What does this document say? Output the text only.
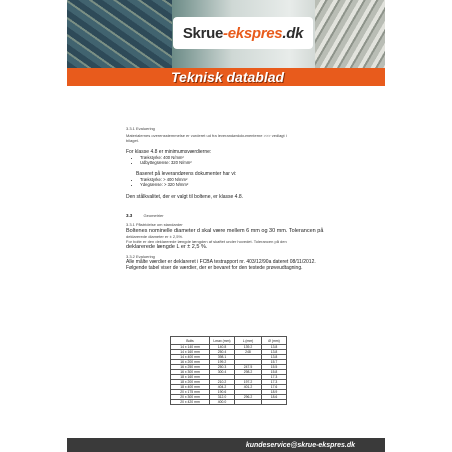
Skrue-ekspres.dk
Teknisk datablad

3.3.1 Evaluering

Materialernes overensstemmelse er vurderet ud fra leverandørdokumenterne >>> vedlagt i

bilaget.

For klasse 4.8 er minimumsværdierne:

• Trækstyrke: 400 N/mm²
• Udbyttegrænse: 320 N/mm²

Baseret på leverandørens dokumenter har vi:

• Trækstyrke: > 400 N/mm²
• Ydegrænse: > 320 N/mm²

Den stålkvalitet, der er valgt til boltene, er klasse 4.8.

3.3	Geometrier

3.3.1 Påstridelse om standarder

Boltenes nominelle diameter d skal være mellem 6 mm og 30 mm. Tolerancen på

deklarerede diameter er ± 2,5%.

For bolte er den deklarerede længde længden af skaftet under hovedet. Tolerancen på den

deklarerede længde L er ± 2,5 %.

3.3.2 Evaluering

Alle målte værdier er deklareret i FCBA testrapport nr. 403/12/90a dateret 08/11/2012.

Følgende tabel viser de værdier, der er bevaret for den testede prøveudtagning.

Bolts	Lmax (mm)	L (mm)	Ø (mm)
14 x 140 mm	140.8	139.2	13.8
14 x 160 mm	250.4	248	13.8
14 x 400 mm	398.1		13.8
16 x 200 mm	199.2		15.7
16 x 250 mm	250.3	247.5	15.5
16 x 300 mm	300.4	298.2	15.8
18 x 160 mm			17.3
18 x 200 mm	210.2	197.2	17.3
18 x 400 mm	404.2	401.2	17.6
20 x 175 mm	190.6		18.9
20 x 300 mm	312.0	296.2	18.6
20 x 420 mm	400.0		
kundeservice@skrue-ekspres.dk
